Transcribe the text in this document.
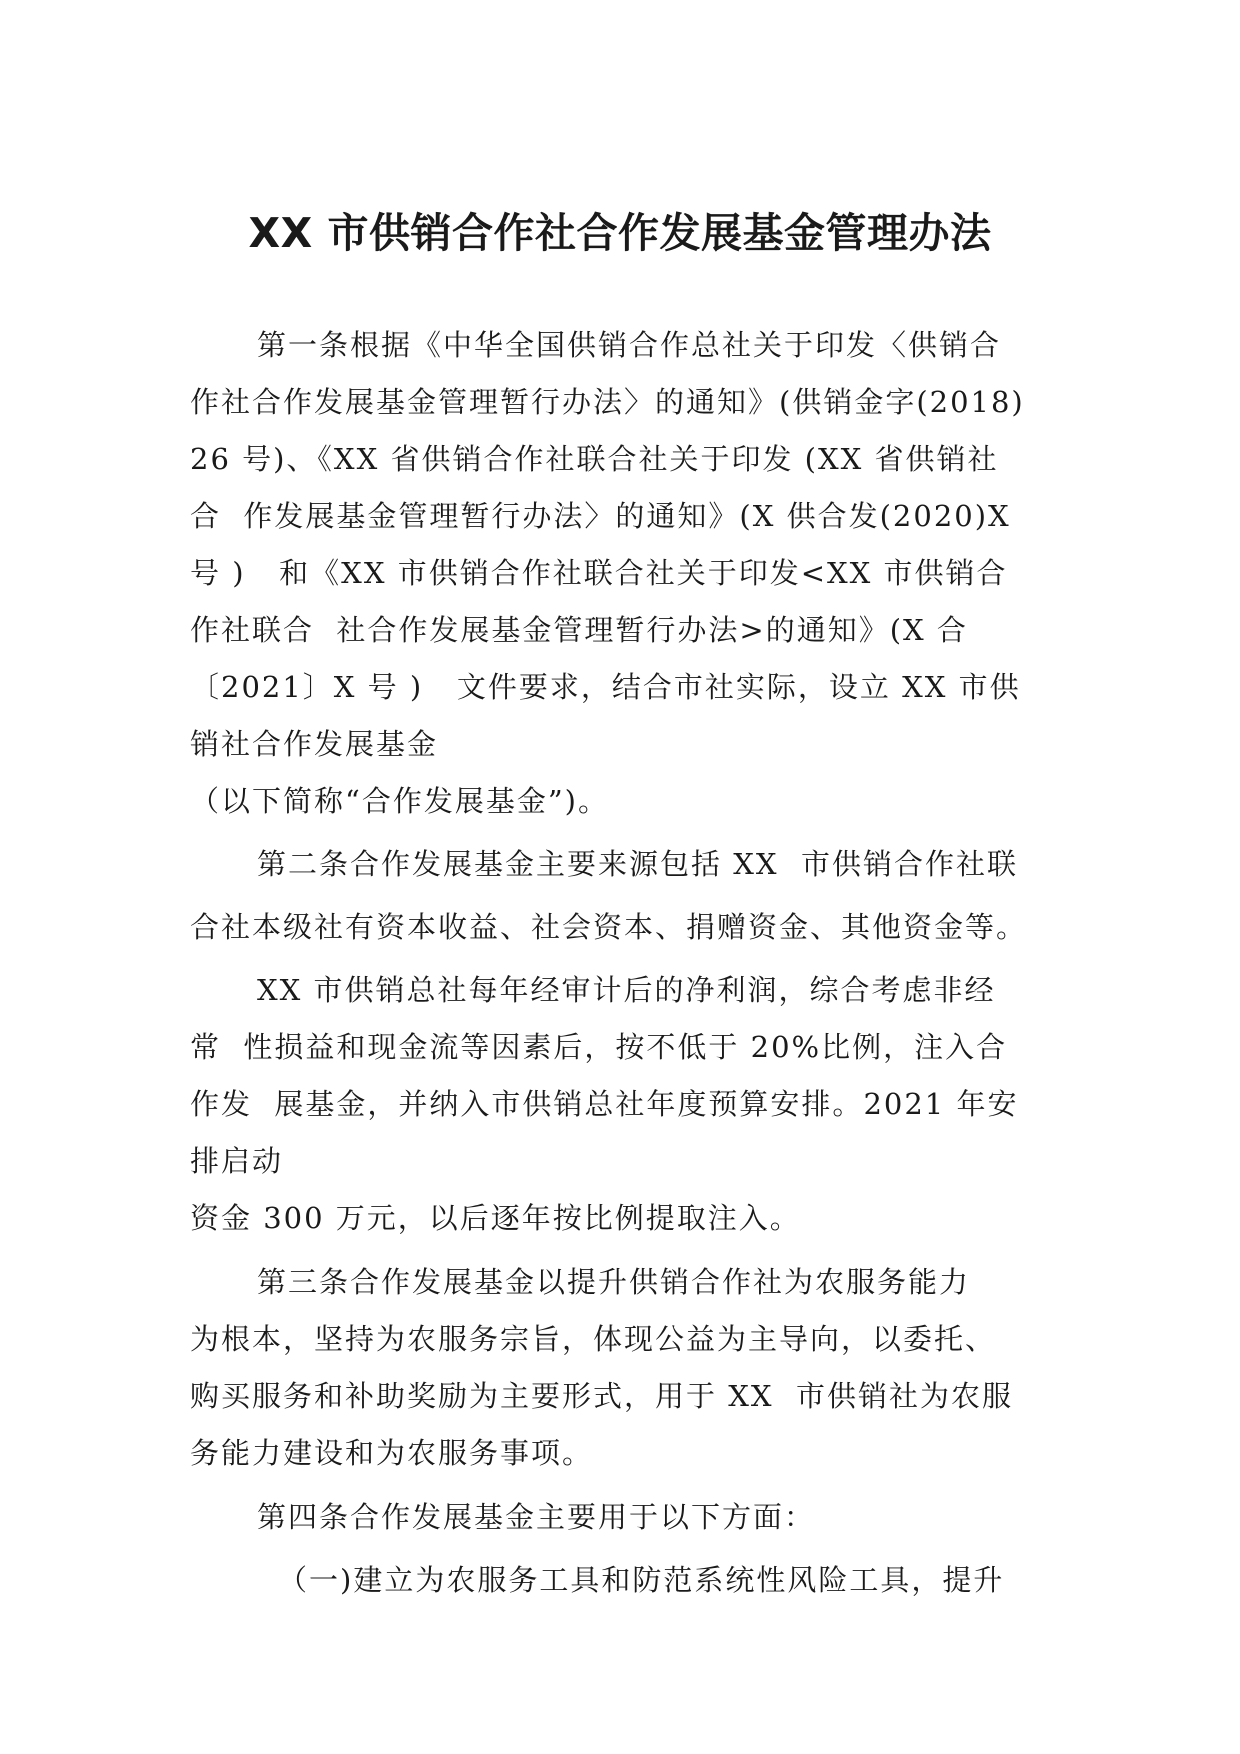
XX 市供销合作社合作发展基金管理办法

第一条根据《中华全国供销合作总社关于印发〈供销合

作社合作发展基金管理暂行办法〉的通知》(供销金字(2018)

26 号)、《XX 省供销合作社联合社关于印发 (XX 省供销社

合  作发展基金管理暂行办法〉的通知》(X 供合发(2020)X

号 )   和《XX 市供销合作社联合社关于印发<XX 市供销合

作社联合  社合作发展基金管理暂行办法>的通知》(X 合

〔2021〕X 号 )   文件要求，结合市社实际，设立 XX 市供

销社合作发展基金

（以下简称“合作发展基金”)。

第二条合作发展基金主要来源包括 XX  市供销合作社联

合社本级社有资本收益、社会资本、捐赠资金、其他资金等。

XX 市供销总社每年经审计后的净利润，综合考虑非经

常  性损益和现金流等因素后，按不低于 20%比例，注入合

作发  展基金，并纳入市供销总社年度预算安排。2021 年安

排启动

资金 300 万元，以后逐年按比例提取注入。

第三条合作发展基金以提升供销合作社为农服务能力

为根本，坚持为农服务宗旨，体现公益为主导向，以委托、

购买服务和补助奖励为主要形式，用于 XX  市供销社为农服

务能力建设和为农服务事项。

第四条合作发展基金主要用于以下方面：

（一)建立为农服务工具和防范系统性风险工具，提升
